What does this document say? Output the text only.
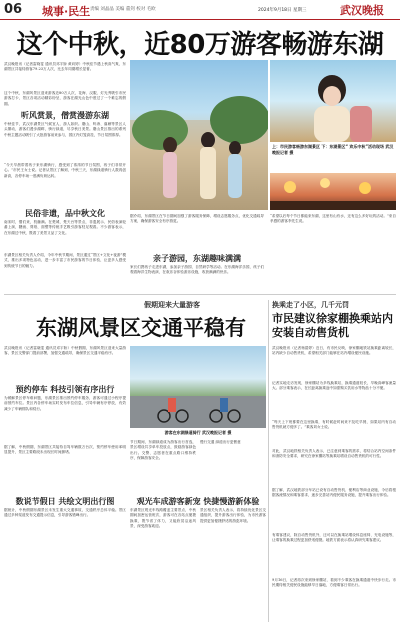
06 城事·民生 责编 刘晶晶 美编 董剑 校对 毛欧	2024年9月18日 星期三	武汉晚报
这个中秋，近80万游客畅游东湖
武汉晚报讯（记者雷晓雯 通讯员邓宇娇 黄向婷）中秋佳节遇上秋高气爽，东湖景区共接待游客79.23万人次，比去年同期增长显著。
这个中秋，东湖风景区迎来游客近80万人次，花海、汉服、灯光秀吸引市民游客打卡，景区各项活动精彩纷呈，游客在湖光山色中度过了一个难忘的假期。
听风赏景，僧赏漫游东湖
中秋佳节，武汉东湖景区气候宜人，游人如织。磨山、听涛、落雁等景区人头攒动，游客们漫步湖畔，骑行绿道，尽享秋日美景。磨山景区推出的系列中秋主题活动吸引了大批游客前来参与，园区内灯笼高挂，节日氛围浓厚。
“今天早晨带着孩子来东湖骑行，感受到了浓浓的节日氛围，孩子们非常开心。”市民王女士说。记者从景区了解到，中秋三天，东湖绿道骑行人数再创新高，各停车场一度满负荷运转。
民俗非遗，品中秋文化
南宋时，僧们来，枝藤满。在楚城、楚天台等景点，非遗展示、民俗表演轮番上演，糖画、剪纸、面塑等传统手艺吸引游客驻足观看。不少游客表示，在东湖过中秋，既看了美景又品了文化。
东湖景区相关负责人介绍，今年中秋节期间，景区通过“景区+文化+夜游”模式，推出多项特色活动，进一步丰富了市民游客的节日体验，让更多人感受到传统节日的魅力。
上：市民游客畅游东湖景区 下：东湖景区“ 欢乐中秋”活动现场 武汉晚报记者 摄
据介绍，东湖景区在节日期间加强了游客服务保障，增设志愿服务点，优化交通疏导方案，确保游客安全有序游览。
亲子游园，东湖趣味满满
家长们携孩子走进东湖，参加亲子游园、自然研学等活动。在东湖海洋乐园，孩子们观看海洋生物表演，在欢乐谷体验游乐设施，收获满满的快乐。
“希望以后每个节日都能来东湖，这里有山有水，还有这么多好玩的活动。”来自孝感的游客李先生说。
假期迎来大量游客
东湖风景区交通平稳有
武汉晚报讯（记者雷晓雯 通讯员邓宇娇）中秋假期，东湖风景区迎来大量游客，景区交警部门提前部署，加强交通疏导，确保景区交通平稳有序。
预约停车 科技引领有序出行
为缓解景区停车难问题，东湖景区推出预约停车服务，游客可通过小程序提前预约车位。景区内各停车场实时发布车位信息，引导车辆有序停放，有效减少了车辆排队和绕行。
据了解，中秋假期，东湖景区共接待自驾车辆数万台次，预约停车使用率明显提升，景区主要路段未出现长时间拥堵。
数说节假日 共绘文明出行图
据统计，中秋假期东湖景区未发生重大交通事故，交通秩序总体平稳。景区通过多种渠道发布交通提示信息，引导游客错峰出行。
游客在东湖绿道骑行 武汉晚报记者 摄
节日期间，东湖绿道成为游客出行首选，景区增设共享单车投放点，鼓励游客绿色出行。交警、志愿者在重点路口维持秩序，保障游客安全。
观光车成游客新宠 快捷慢游新体验
东湖景区观光车线路覆盖主要景点，中秋期间加密运营班次，游客可在各站点便捷换乘，既节省了体力，又能欣赏沿途风景，深受游客欢迎。
慢行交通 绿道出行更惬意
景区相关负责人表示，将持续优化景区交通组织，提升游客出行体验，为市民游客提供更加便捷舒适的游览环境。
换乘走了小区，几千元罚
市民建议徐家棚换乘站内安装自动售货机
武汉晚报讯（记者杨碧婷）近日，有市民反映，徐家棚地铁站换乘距离较长，站内缺少自动售货机，希望相关部门能够在站内增设便民设施。
记者实地走访发现，徐家棚站为多线换乘站，换乘通道较长，早晚高峰客流量大。部分乘客表示，在长距离换乘途中如需购买饮用水等物品十分不便。
“每天上下班都要在这里换乘，有时候赶时间来不及吃早餐，如果站内有自动售货机就方便多了。”乘客刘女士说。
对此，武汉地铁相关负责人表示，已注意到乘客的需求，将结合站内空间条件和消防安全要求，研究在徐家棚站等换乘站增设自动售货机的可行性。
据了解，武汉地铁部分车站已设有自动售货机、便利店等商业设施，今后将根据客流情况和乘客需求，逐步完善站内便民服务设施，提升乘客出行体验。
有乘客建议，除自动售货机外，还可以在换乘站增设休息座椅、充电设施等，让乘客的换乘过程更加舒适便捷。地铁方面表示将认真研究乘客建议。
9月16日，记者再次来到徐家棚站，看到不少乘客在换乘通道中快步行走。市民期待相关便民设施能够早日落地，方便乘客日常出行。
